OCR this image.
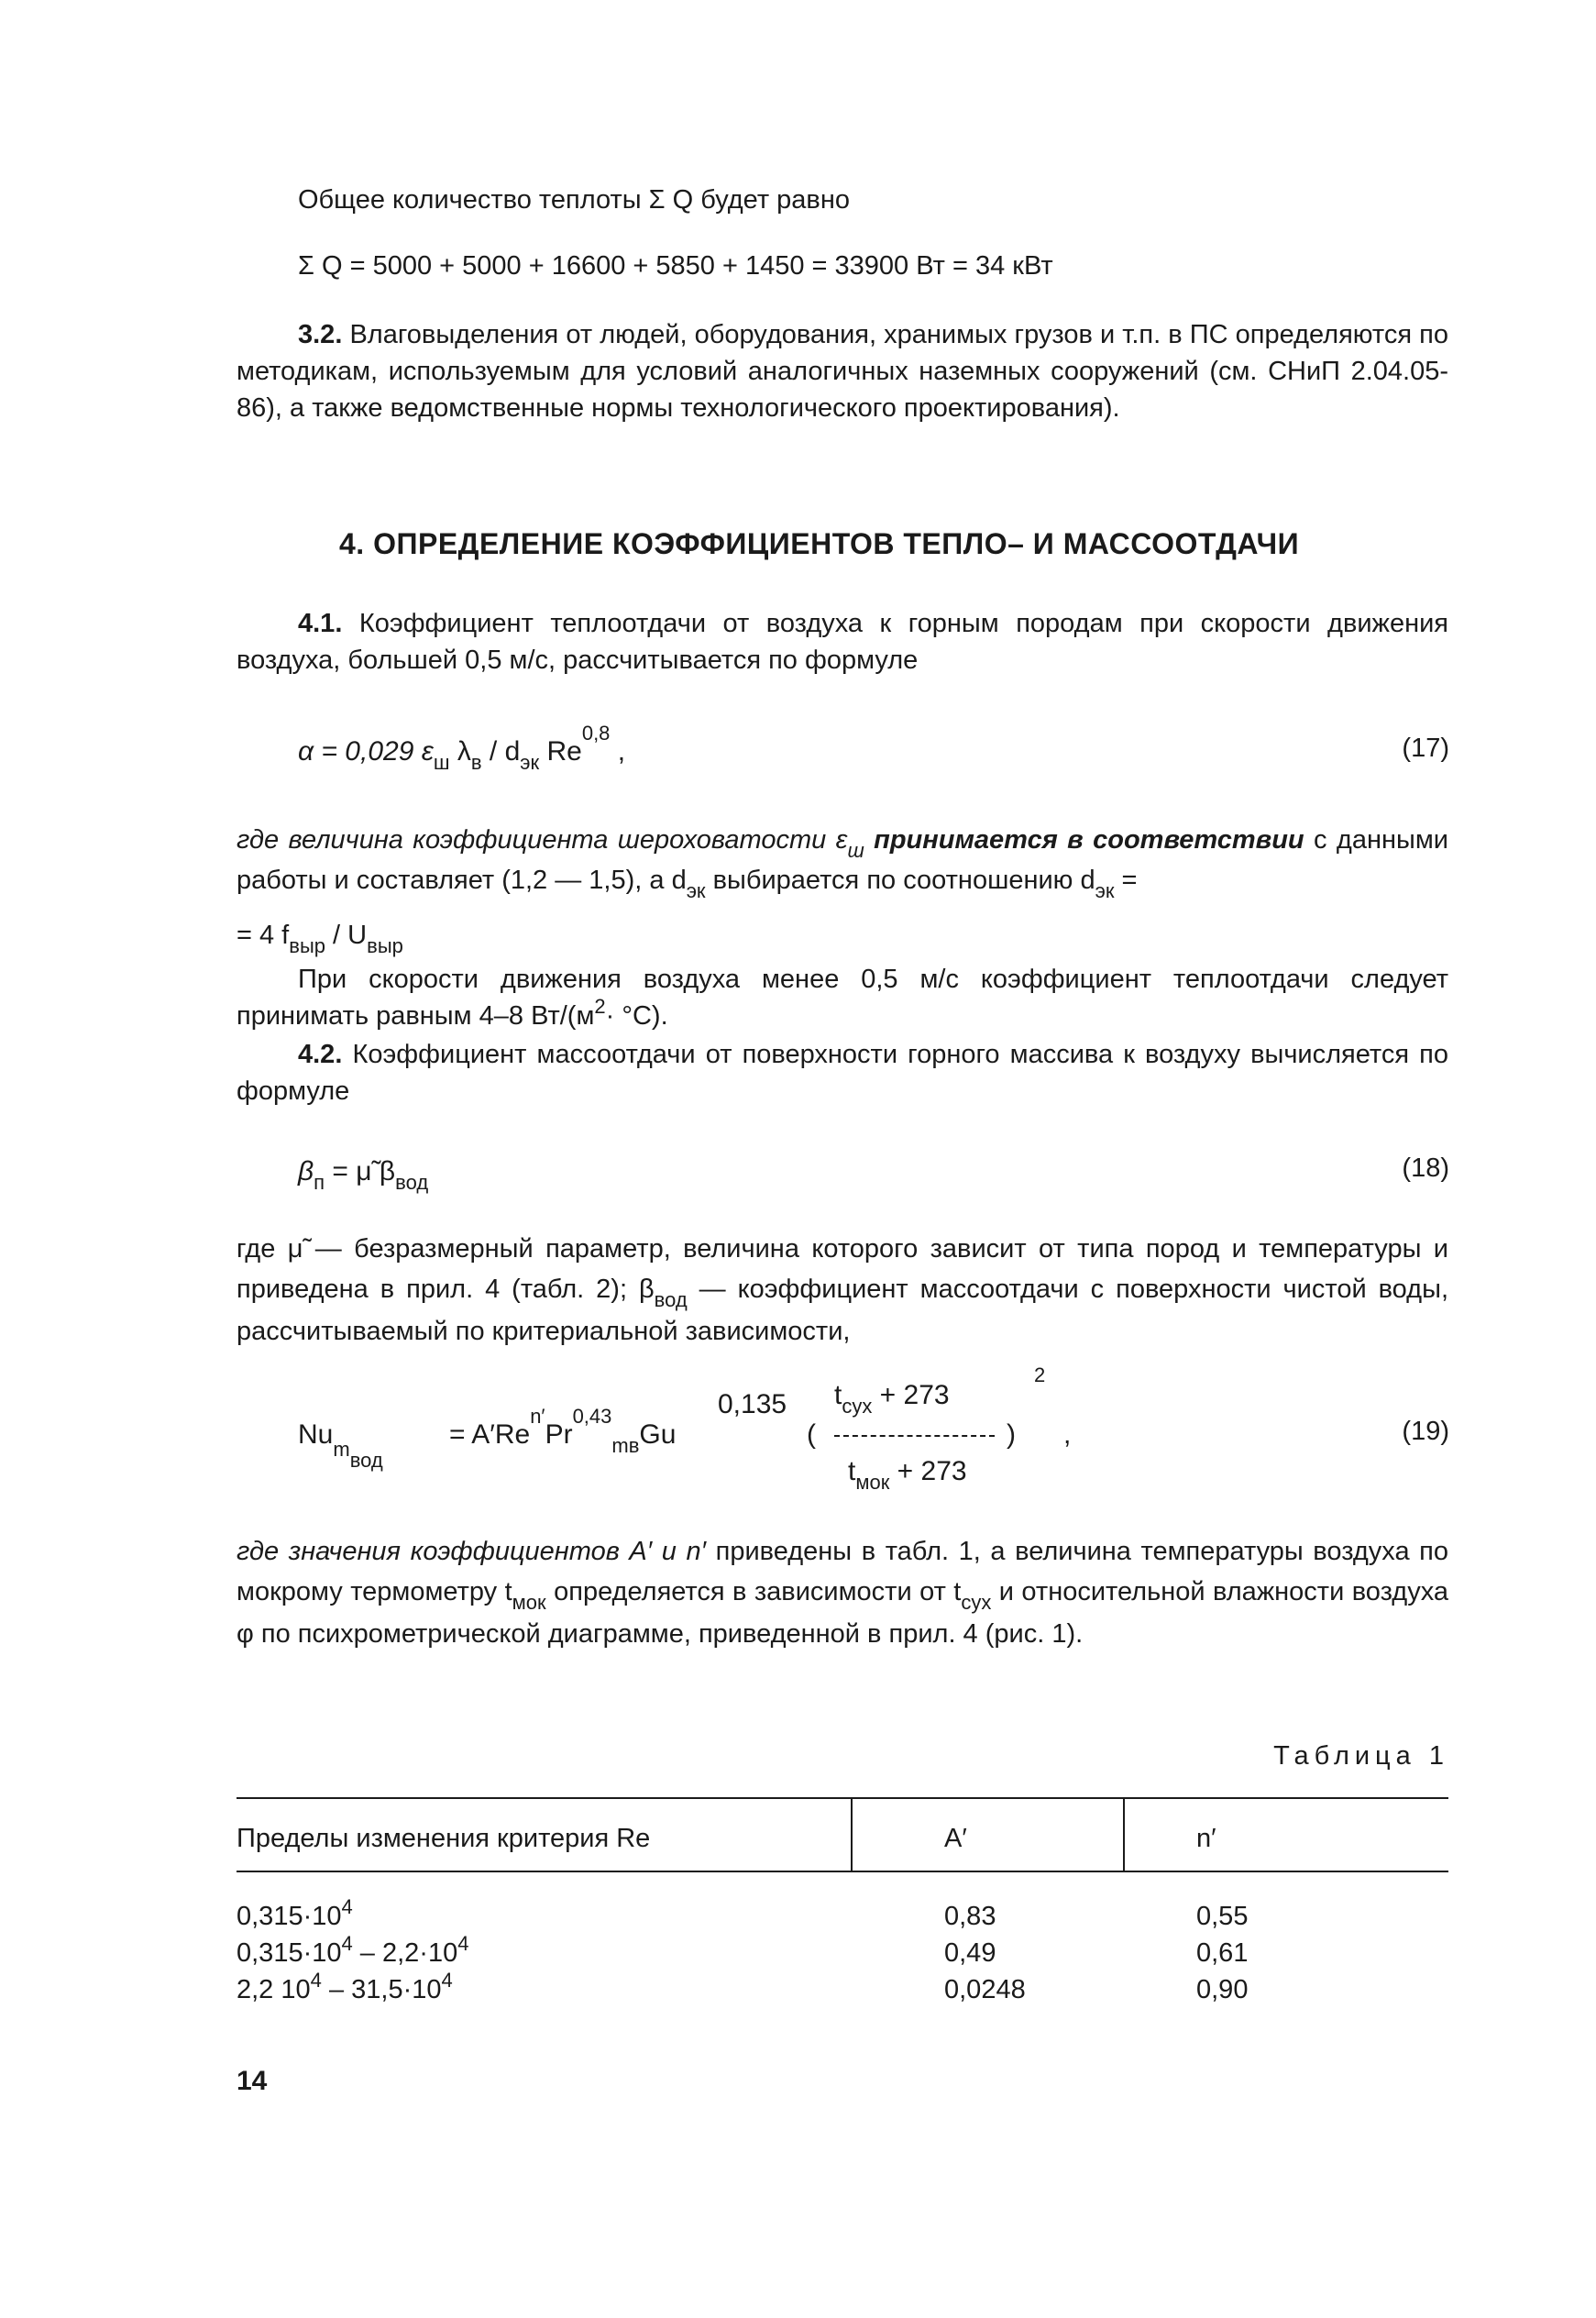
Общее количество теплоты Σ Q будет равно
Σ Q = 5000 + 5000 + 16600 + 5850 + 1450 = 33900 Вт = 34 кВт
3.2. Влаговыделения от людей, оборудования, хранимых грузов и т.п. в ПС определяются по методикам, используемым для условий аналогичных наземных сооружений (см. СНиП 2.04.05-86), а также ведомственные нормы технологического проектирования).
4. ОПРЕДЕЛЕНИЕ КОЭФФИЦИЕНТОВ ТЕПЛО– И МАССООТДАЧИ
4.1. Коэффициент теплоотдачи от воздуха к горным породам при скорости движения воздуха, большей 0,5 м/с, рассчитывается по формуле
α = 0,029 $\varepsilon_ш$ $\lambda_в / d_{эк}$ Re$^{0,8}$ ,	(17)
где величина коэффициента шероховатости $\varepsilon_ш$ принимается в соответствии с данными работы и составляет (1,2 — 1,5), а $d_{эк}$ выбирается по соотношению $d_{эк}$ =
= 4 $f_{выр} / U_{выр}$
При скорости движения воздуха менее 0,5 м/с коэффициент теплоотдачи следует принимать равным 4–8 $Вт/(м^2\cdot ^\circ С)$.
4.2. Коэффициент массоотдачи от поверхности горного массива к воздуху вычисляется по формуле
$\beta_п$ = μ̃ $\beta_{вод}$	(18)
где μ̃ — безразмерный параметр, величина которого зависит от типа пород и температуры и приведена в прил. 4 (табл. 2); $\beta_{вод}$ — коэффициент массоотдачи с поверхности чистой воды, рассчитываемый по критериальной зависимости,
$Nu_{mвод}$
= $A'Re^{n'}Pr^{0,43}_{mв}Gu$
0,135
(
$t_{сух} + 273$
$t_{мок} + 273$
)
2
,	(19)
где значения коэффициентов A′ и n′ приведены в табл. 1, а величина температуры воздуха по мокрому термометру $t_{мок}$ определяется в зависимости от $t_{сух}$ и относительной влажности воздуха φ по психрометрической диаграмме, приведенной в прил. 4 (рис. 1).
Таблица 1
Пределы изменения критерия Re	A′	n′
$0,315\cdot 10^4$	0,83	0,55
$0,315\cdot 10^4 - 2,2\cdot 10^4$	0,49	0,61
2,2 $10^4 - 31,5\cdot 10^4$	0,0248	0,90
14
